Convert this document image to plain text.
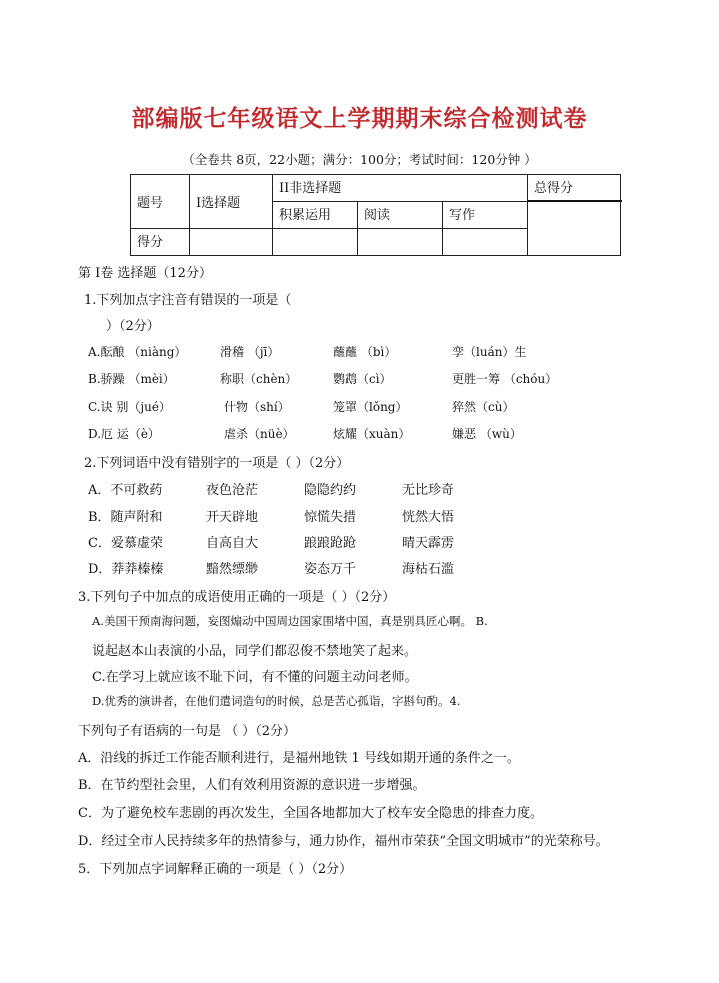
部编版七年级语文上学期期末综合检测试卷
（全卷共 8页，22小题；满分：100分；考试时间：120分钟 ）
题号	I选择题	II非选择题			总得分
		积累运用	阅读	写作	
得分					
第 I卷 选择题（12分）
1.下列加点字注音有错误的一项是（
）（2分）
A.酝酿 （niàng）	滑稽 （jī）	蘸蘸 （bì）	孪（luán）生
B.骄躁 （mèi）	称职（chèn）	鹦鹉（cì）	更胜一筹 （chóu）
C.诀 别（jué）	什物（shí）	笼罩（lǒng）	猝然（cù）
D.厄 运（è）	虐杀（nüè）	炫耀（xuàn）	嫌恶 （wù）
2.下列词语中没有错别字的一项是（ ）（2分）
A．不可救药	夜色沧茫	隐隐约约	无比珍奇
B．随声附和	开天辟地	惊慌失措	恍然大悟
C．爱慕虚荣	自高自大	踉踉跄跄	晴天霹雳
D．莽莽榛榛	黯然缥缈	姿态万千	海枯石滥
3.下列句子中加点的成语使用正确的一项是（ ）（2分）
A.美国干预南海问题，妄图煽动中国周边国家围堵中国，真是别具匠心啊。 B.
说起赵本山表演的小品，同学们都忍俊不禁地笑了起来。
C.在学习上就应该不耻下问，有不懂的问题主动问老师。
D.优秀的演讲者，在他们遣词造句的时候，总是苦心孤诣，字斟句酌。4.
下列句子有语病的一句是 （ ）（2分）
A．沿线的拆迁工作能否顺利进行，是福州地铁 1 号线如期开通的条件之一。
B．在节约型社会里，人们有效利用资源的意识进一步增强。
C．为了避免校车悲剧的再次发生，全国各地都加大了校车安全隐患的排查力度。
D．经过全市人民持续多年的热情参与，通力协作，福州市荣获“全国文明城市”的光荣称号。
5．下列加点字词解释正确的一项是（ ）（2分）
